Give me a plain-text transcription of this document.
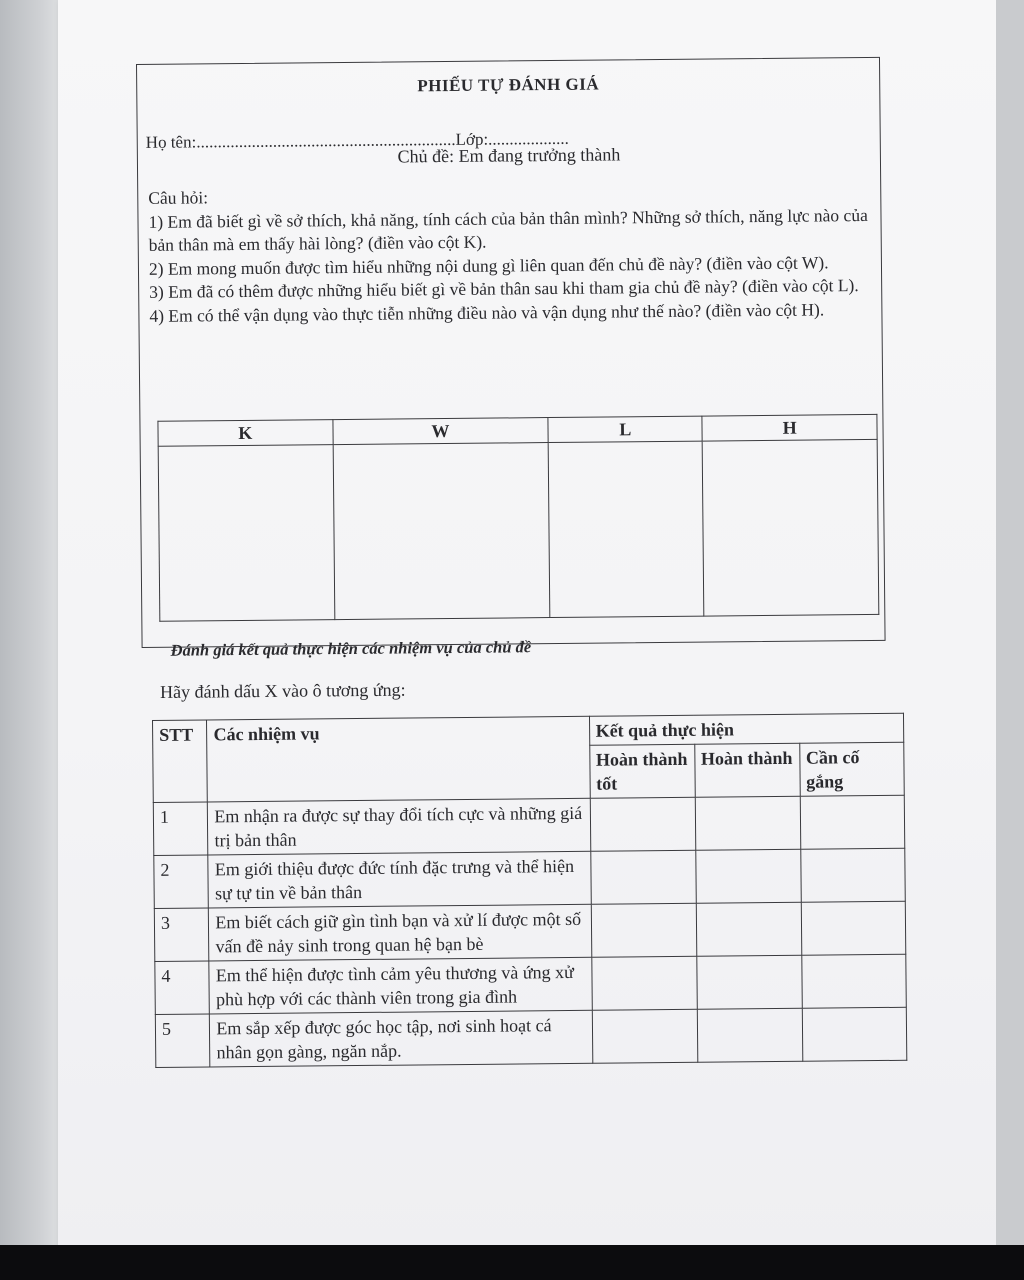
PHIẾU TỰ ĐÁNH GIÁ
Họ tên:.............................................................Lớp:...................
Chủ đề: Em đang trưởng thành
Câu hỏi:
1) Em đã biết gì về sở thích, khả năng, tính cách của bản thân mình? Những sở thích, năng lực nào của bản thân mà em thấy hài lòng? (điền vào cột K).
2) Em mong muốn được tìm hiểu những nội dung gì liên quan đến chủ đề này? (điền vào cột W).
3) Em đã có thêm được những hiểu biết gì về bản thân sau khi tham gia chủ đề này? (điền vào cột L).
4) Em có thể vận dụng vào thực tiễn những điều nào và vận dụng như thế nào? (điền vào cột H).
K	W	L	H

Đánh giá kết quả thực hiện các nhiệm vụ của chủ đề
Hãy đánh dấu X vào ô tương ứng:
STT	Các nhiệm vụ	Kết quả thực hiện		
		Hoàn thành tốt	Hoàn thành	Cần cố gắng
1	Em nhận ra được sự thay đổi tích cực và những giá trị bản thân			
2	Em giới thiệu được đức tính đặc trưng và thể hiện sự tự tin về bản thân			
3	Em biết cách giữ gìn tình bạn và xử lí được một số vấn đề nảy sinh trong quan hệ bạn bè			
4	Em thể hiện được tình cảm yêu thương và ứng xử phù hợp với các thành viên trong gia đình			
5	Em sắp xếp được góc học tập, nơi sinh hoạt cá nhân gọn gàng, ngăn nắp.			
